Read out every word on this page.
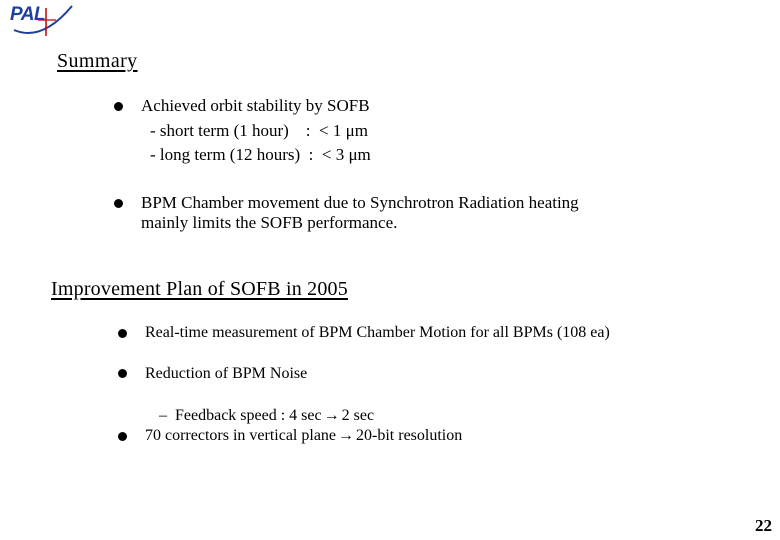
PAL
Summary
Achieved orbit stability by SOFB
- short term (1 hour)    :  < 1 μm
- long term (12 hours)  :  < 3 μm
BPM Chamber movement due to Synchrotron Radiation heating
mainly limits the SOFB performance.
Improvement Plan of SOFB in 2005
Real-time measurement of BPM Chamber Motion for all BPMs (108 ea)
Reduction of BPM Noise

–  Feedback speed : 4 sec → 2 sec

70 correctors in vertical plane → 20-bit resolution
22
